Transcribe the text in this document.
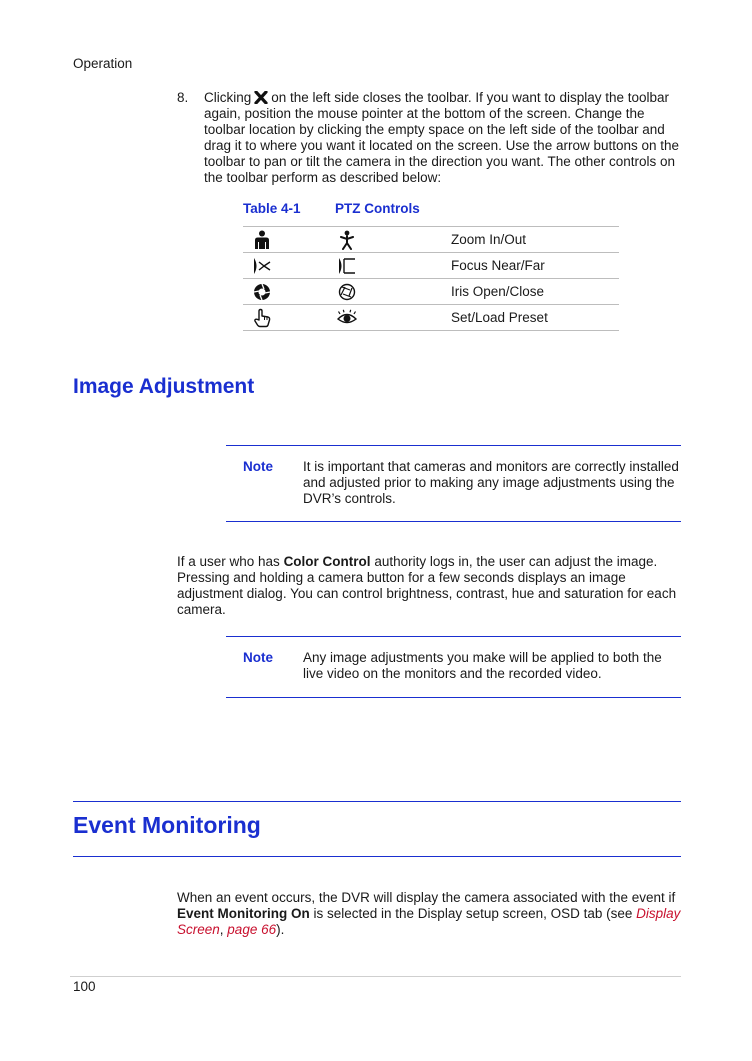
Operation
8. Clicking on the left side closes the toolbar. If you want to display the toolbar again, position the mouse pointer at the bottom of the screen. Change the toolbar location by clicking the empty space on the left side of the toolbar and drag it to where you want it located on the screen. Use the arrow buttons on the toolbar to pan or tilt the camera in the direction you want. The other controls on the toolbar perform as described below:
Table 4-1	PTZ Controls

	Zoom In/Out

	Focus Near/Far

	Iris Open/Close

	Set/Load Preset
Image Adjustment
Note It is important that cameras and monitors are correctly installed and adjusted prior to making any image adjustments using the DVR’s controls.
If a user who has Color Control authority logs in, the user can adjust the image. Pressing and holding a camera button for a few seconds displays an image adjustment dialog. You can control brightness, contrast, hue and saturation for each camera.
Note Any image adjustments you make will be applied to both the live video on the monitors and the recorded video.
Event Monitoring
When an event occurs, the DVR will display the camera associated with the event if Event Monitoring On is selected in the Display setup screen, OSD tab (see Display Screen, page 66).
100
